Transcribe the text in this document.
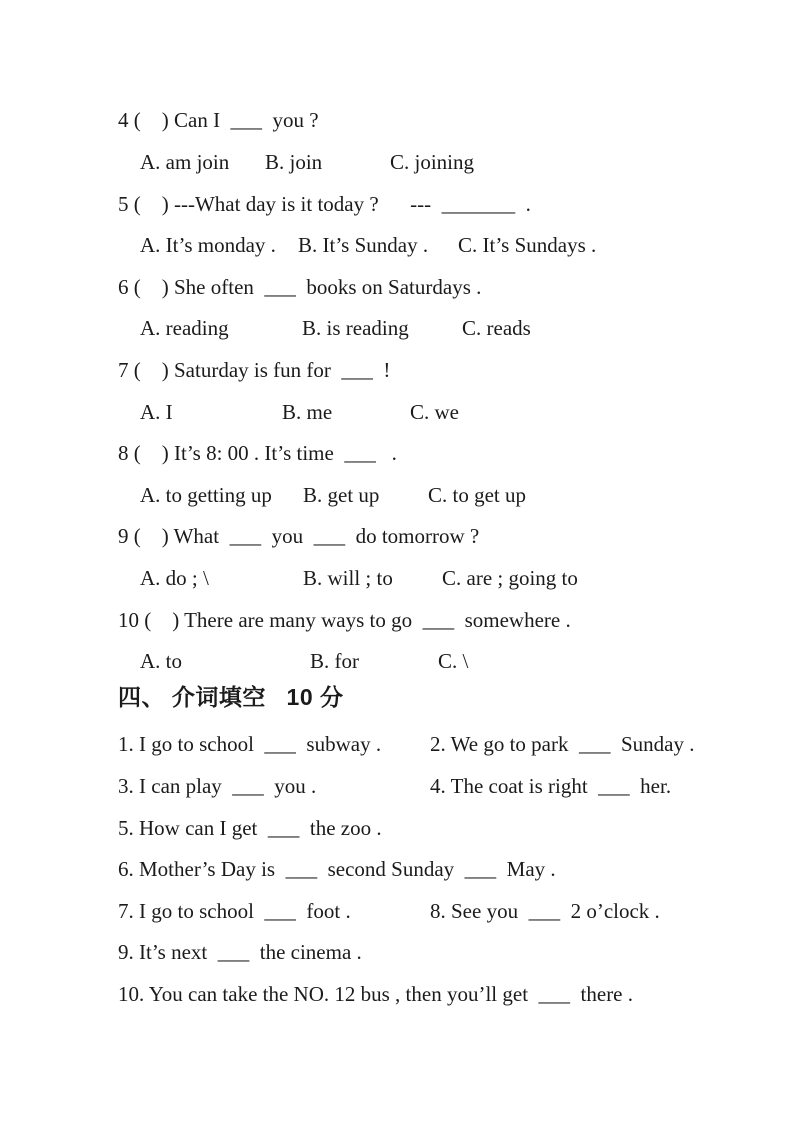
4 (    ) Can I  ___  you ?
A. am join B. join	C. joining
5 (    ) ---What day is it today ?      ---  _______  .
A. It’s monday . B. It’s Sunday . C. It’s Sundays .
6 (    ) She often  ___  books on Saturdays .
A. reading	B. is reading	C. reads
7 (    ) Saturday is fun for  ___  !
A. I	B. me	C. we
8 (    ) It’s 8: 00 . It’s time  ___   .
A. to getting up B. get up C. to get up
9 (    ) What  ___  you  ___  do tomorrow ?
A. do ; \	B. will ; to C. are ; going to
10 (    ) There are many ways to go  ___  somewhere .
A. to	B. for	C. \
四、 介词填空   10 分
1. I go to school  ___  subway . 2. We go to park  ___  Sunday .
3. I can play  ___  you .	4. The coat is right  ___  her.
5. How can I get  ___  the zoo .
6. Mother’s Day is  ___  second Sunday  ___  May .
7. I go to school  ___  foot .	8. See you  ___  2 o’clock .
9. It’s next  ___  the cinema .
10. You can take the NO. 12 bus , then you’ll get  ___  there .
